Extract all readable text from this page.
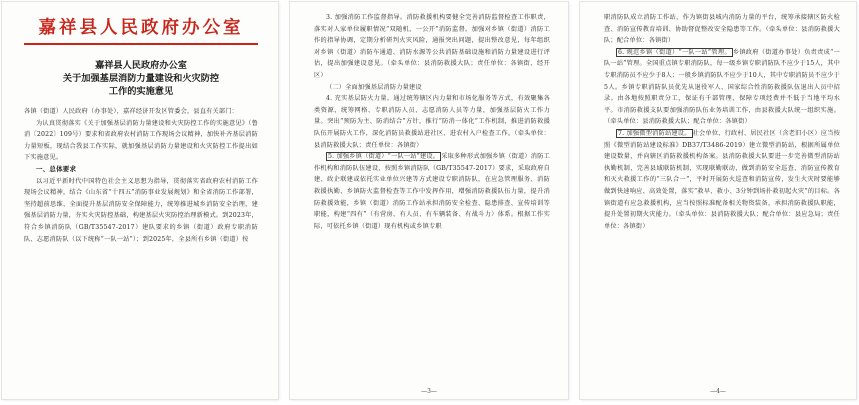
嘉祥县人民政府办公室

嘉祥县人民政府办公室

关于加强基层消防力量建设和火灾防控

工作的实施意见

各镇（街道）人民政府（办事处），嘉祥经济开发区管委会，县直有关部门：

为认真贯彻落实《关于加强基层消防力量建设和火灾防控工作的实施意见》（鲁消〔2022〕109号）要求和省政府农村消防工作现场会议精神，加快补齐基层消防力量短板，现结合我县工作实际，就加强基层消防力量建设和火灾防控工作提出如下实施意见。

一、总体要求

以习近平新时代中国特色社会主义思想为指导，贯彻落实省政府农村消防工作现场会议精神，结合《山东省“十四五”消防事业发展规划》和全省消防工作部署，坚持超前思维、全面提升基层消防安全保障能力，统筹推进城乡消防安全治理，建强基层消防力量，夯实火灾防控基础，构建基层火灾防控治理新模式。到2023年，符合乡镇消防队（GB/T35547-2017）建队要求的乡镇（街道）政府专职消防队、志愿消防队（以下统称“一队一站”）；到2025年，全县所有乡镇（街道）按

3. 加强消防工作监督指导。消防救援机构要健全完善消防监督检查工作职责，落实对人家单位履职情况“双随机、一公开”消防监督。加强对乡镇（街道）消防工作的指导协调，定期分析研判火灾风险，通报突出问题，提出整改意见，每年组织对乡镇（街道）消防车通道、消防水源等公共消防基础设施和消防力量建设进行评估，提出加强建设意见。（牵头单位：县消防救援大队；责任单位：各镇街、经开区）

（二）全面加强基层消防力量建设

4. 充实基层防火力量。通过统筹辖区内力量和市场化服务等方式，有效聚集各类资源，统筹网格、专职消防人员、志愿消防人员等力量，加强基层防火工作力量。突出“预防为主、防消结合”方针，推行“防消一体化”工作机制，推进消防救援队伍开展防火工作，深化消防员救援站进社区、进农村入户检查工作。（牵头单位：县消防救援大队；责任单位：各镇街）

5. 加强乡镇（街道）“一队一站”建设。 采取多种形式加强乡镇（街道）消防工作机构和消防队伍建设，按照乡镇消防队（GB/T35547-2017）要求，采取政府自建、政企联建或依托实业单位兴建等方式建设专职消防队，在应急管理服务、消防救援执勤、乡镇防火监督检查等工作中发挥作用，增强消防救援队伍力量，提升消防救援效能，乡镇（街道）消防工作站承担消防安全检查、隐患排查、宣传培训等职能，构建“四有”（有营房、有人员、有车辆装备、有战斗力）体系。根据工作实际，可依托乡镇（街道）现有机构或乡镇专职

—3—

职消防队成立消防工作站，作为镇街县城内消防力量的平台，统筹承接辖区防火检查、消防宣传教育培训、协助督促整改安全隐患等工作。（牵头单位：县消防救援大队；配合单位：各镇街）

6. 规范乡镇（街道）“一队一站”管理。 乡镇政府（街道办事处）负责责成“一队一站”管理。全国重点镇专职消防队，每一级乡镇专职消防队不应少于15人，其中专职消防员不应少于8人；一般乡镇消防队不应少于10人，其中专职消防员不应少于5人。乡镇专职消防队员优先从退役军人、国家综合性消防救援队伍退出人员中招录。由各地按照职责分工，保证有千部管理，保障专项经费并不低于当地平均水平。市消防救援支队要加强消防队伍业务培训工作，由县救援大队统一组织实施。（牵头单位：县消防救援大队；配合单位：各镇街）

7. 加强微型消防站建设。 社会单位、行政村、居民社区（含老旧小区）应当按照《微型消防站建设标准》DB37/T3486-2019）建立微型消防站，根据所属单位建设数量，并向辖区消防救援机构备案。县消防救援大队要进一步完善微型消防站执勤机制，完善县域联防机制，实现联勤联动，做到消防安全巡查、消防宣传教育和灭火救援工作的“三队合一”，平时开展防火巡查和消防宣传，发生火灾时要能够做到快速响应、高效处置，落实“救早、救小、3分钟到场扑救初起火灾”的目标。各镇街道有应急救援机构，应当按照标准配备相关物资装备，承担消防救援队职能，提升处置初期火灾能力。（牵头单位：县消防救援大队；配合单位：县应急局；责任单位：各镇街）

—4—
